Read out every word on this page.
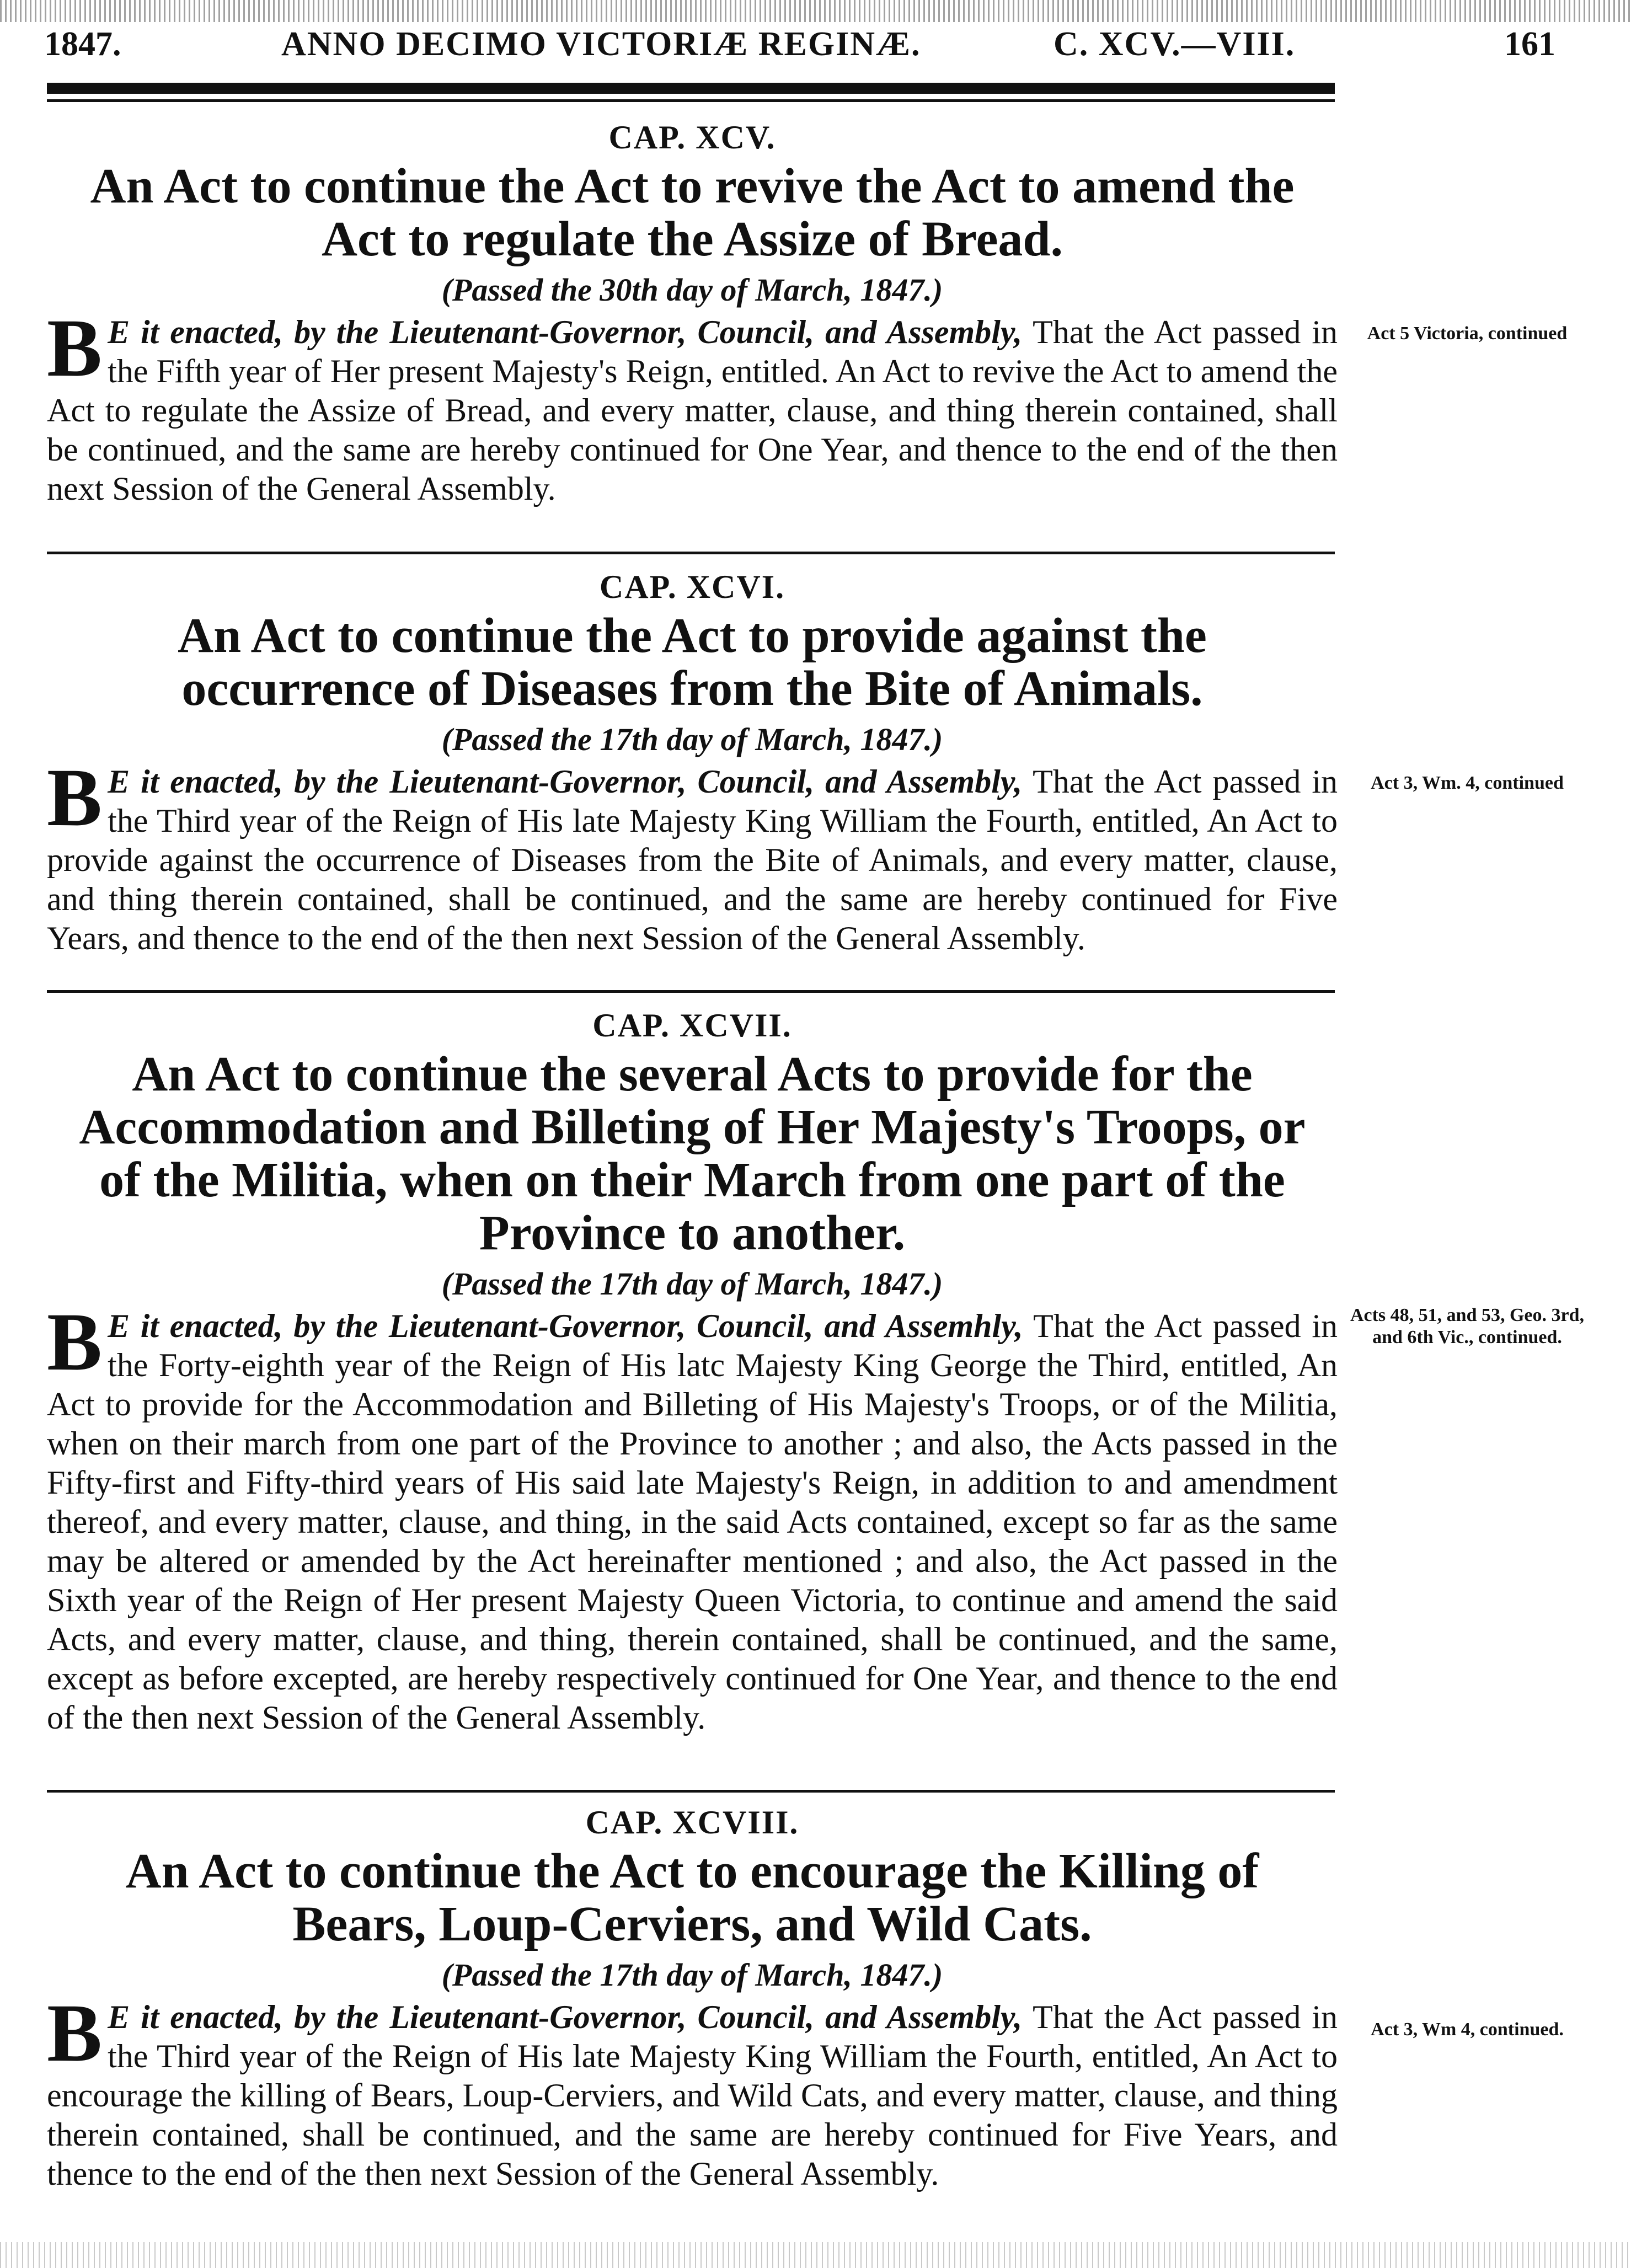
1847.	ANNO DECIMO VICTORIÆ REGINÆ.	C. XCV.—VIII.	161

CAP. XCV.

An Act to continue the Act to revive the Act to amend the Act to regulate the Assize of Bread.

(Passed the 30th day of March, 1847.)

B E it enacted, by the Lieutenant-Governor, Council, and Assembly, That the Act passed in the Fifth year of Her present Majesty's Reign, entitled. An Act to revive the Act to amend the Act to regulate the Assize of Bread, and every matter, clause, and thing therein contained, shall be continued, and the same are hereby continued for One Year, and thence to the end of the then next Session of the General Assembly.

Act 5 Victoria, continued

CAP. XCVI.

An Act to continue the Act to provide against the occurrence of Diseases from the Bite of Animals.

(Passed the 17th day of March, 1847.)

B E it enacted, by the Lieutenant-Governor, Council, and Assembly, That the Act passed in the Third year of the Reign of His late Majesty King William the Fourth, entitled, An Act to provide against the occurrence of Diseases from the Bite of Animals, and every matter, clause, and thing therein contained, shall be continued, and the same are hereby continued for Five Years, and thence to the end of the then next Session of the General Assembly.

Act 3, Wm. 4, continued

CAP. XCVII.

An Act to continue the several Acts to provide for the Accommodation and Billeting of Her Majesty's Troops, or of the Militia, when on their March from one part of the Province to another.

(Passed the 17th day of March, 1847.)

B E it enacted, by the Lieutenant-Governor, Council, and Assemhly, That the Act passed in the Forty-eighth year of the Reign of His latc Majesty King George the Third, entitled, An Act to provide for the Accommodation and Billeting of His Majesty's Troops, or of the Militia, when on their march from one part of the Province to another ; and also, the Acts passed in the Fifty-first and Fifty-third years of His said late Majesty's Reign, in addition to and amendment thereof, and every matter, clause, and thing, in the said Acts contained, except so far as the same may be altered or amended by the Act hereinafter mentioned ; and also, the Act passed in the Sixth year of the Reign of Her present Majesty Queen Victoria, to continue and amend the said Acts, and every matter, clause, and thing, therein contained, shall be continued, and the same, except as before excepted, are hereby respectively continued for One Year, and thence to the end of the then next Session of the General Assembly.

Acts 48, 51, and 53, Geo. 3rd, and 6th Vic., continued.

CAP. XCVIII.

An Act to continue the Act to encourage the Killing of Bears, Loup-Cerviers, and Wild Cats.

(Passed the 17th day of March, 1847.)

B E it enacted, by the Lieutenant-Governor, Council, and Assembly, That the Act passed in the Third year of the Reign of His late Majesty King William the Fourth, entitled, An Act to encourage the killing of Bears, Loup-Cerviers, and Wild Cats, and every matter, clause, and thing therein contained, shall be continued, and the same are hereby continued for Five Years, and thence to the end of the then next Session of the General Assembly.

Act 3, Wm 4, continued.
